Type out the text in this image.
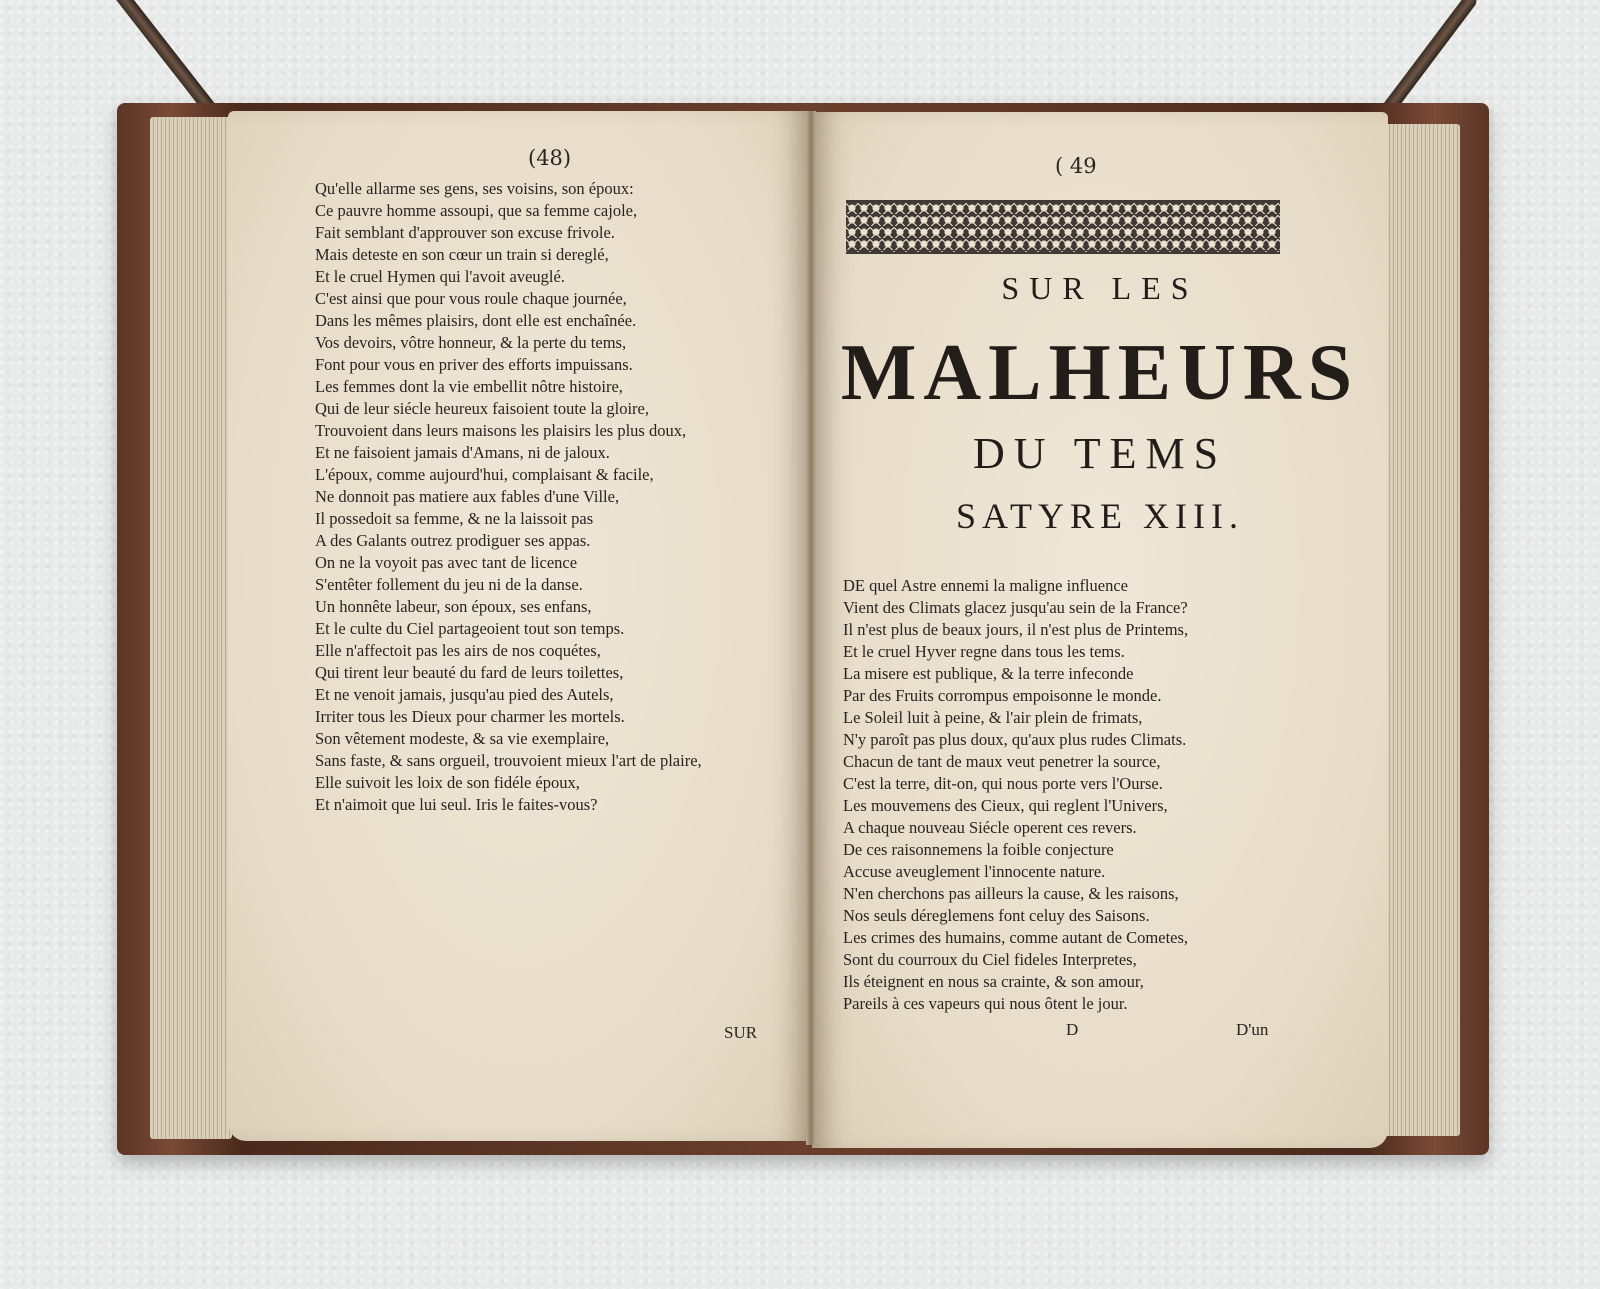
(48)
Qu'elle allarme ses gens, ses voisins, son époux:
Ce pauvre homme assoupi, que sa femme cajole,
Fait semblant d'approuver son excuse frivole.
Mais deteste en son cœur un train si dereglé,
Et le cruel Hymen qui l'avoit aveuglé.
C'est ainsi que pour vous roule chaque journée,
Dans les mêmes plaisirs, dont elle est enchaînée.
Vos devoirs, vôtre honneur, & la perte du tems,
Font pour vous en priver des efforts impuissans.
Les femmes dont la vie embellit nôtre histoire,
Qui de leur siécle heureux faisoient toute la gloire,
Trouvoient dans leurs maisons les plaisirs les plus doux,
Et ne faisoient jamais d'Amans, ni de jaloux.
L'époux, comme aujourd'hui, complaisant & facile,
Ne donnoit pas matiere aux fables d'une Ville,
Il possedoit sa femme, & ne la laissoit pas
A des Galants outrez prodiguer ses appas.
On ne la voyoit pas avec tant de licence
S'entêter follement du jeu ni de la danse.
Un honnête labeur, son époux, ses enfans,
Et le culte du Ciel partageoient tout son temps.
Elle n'affectoit pas les airs de nos coquétes,
Qui tirent leur beauté du fard de leurs toilettes,
Et ne venoit jamais, jusqu'au pied des Autels,
Irriter tous les Dieux pour charmer les mortels.
Son vêtement modeste, & sa vie exemplaire,
Sans faste, & sans orgueil, trouvoient mieux l'art de plaire,
Elle suivoit les loix de son fidéle époux,
Et n'aimoit que lui seul. Iris le faites-vous?
SUR
( 49
SUR LES
MALHEURS
DU TEMS
SATYRE XIII.
DE quel Astre ennemi la maligne influence
Vient des Climats glacez jusqu'au sein de la France?
Il n'est plus de beaux jours, il n'est plus de Printems,
Et le cruel Hyver regne dans tous les tems.
La misere est publique, & la terre infeconde
Par des Fruits corrompus empoisonne le monde.
Le Soleil luit à peine, & l'air plein de frimats,
N'y paroît pas plus doux, qu'aux plus rudes Climats.
Chacun de tant de maux veut penetrer la source,
C'est la terre, dit-on, qui nous porte vers l'Ourse.
Les mouvemens des Cieux, qui reglent l'Univers,
A chaque nouveau Siécle operent ces revers.
De ces raisonnemens la foible conjecture
Accuse aveuglement l'innocente nature.
N'en cherchons pas ailleurs la cause, & les raisons,
Nos seuls déreglemens font celuy des Saisons.
Les crimes des humains, comme autant de Cometes,
Sont du courroux du Ciel fideles Interpretes,
Ils éteignent en nous sa crainte, & son amour,
Pareils à ces vapeurs qui nous ôtent le jour.
D	D'un
